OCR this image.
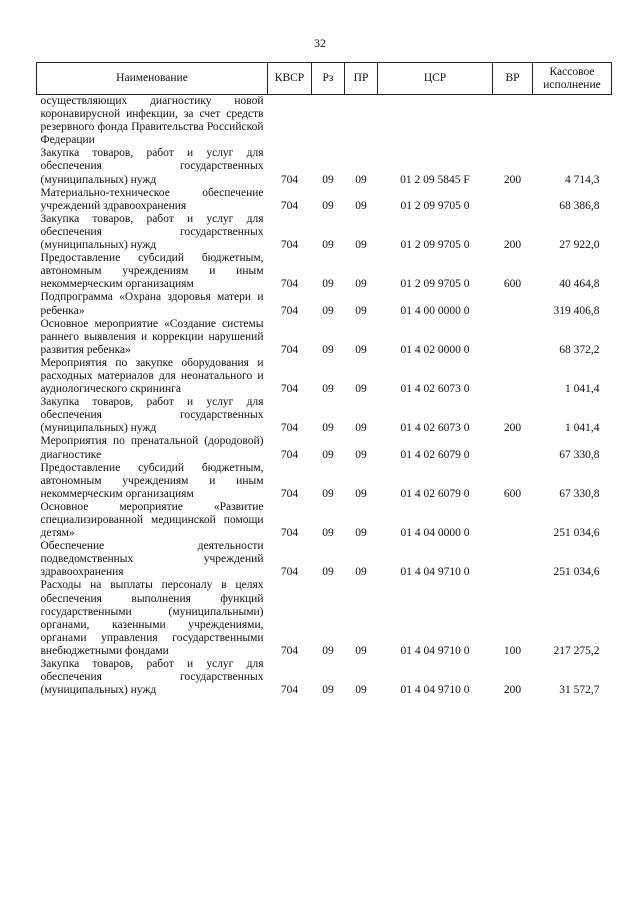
32
Наименование	КВСР	Рз	ПР	ЦСР	ВР	Кассовое исполнение
осуществляющих диагностику новой коронавирусной инфекции, за счет средств резервного фонда Правительства Российской Федерации						
Закупка товаров, работ и услуг для обеспечения государственных (муниципальных) нужд	704	09	09	01 2 09 5845 F	200	4 714,3
Материально-техническое обеспечение учреждений здравоохранения	704	09	09	01 2 09 9705 0		68 386,8
Закупка товаров, работ и услуг для обеспечения государственных (муниципальных) нужд	704	09	09	01 2 09 9705 0	200	27 922,0
Предоставление субсидий бюджетным, автономным учреждениям и иным некоммерческим организациям	704	09	09	01 2 09 9705 0	600	40 464,8
Подпрограмма «Охрана здоровья матери и ребенка»	704	09	09	01 4 00 0000 0		319 406,8
Основное мероприятие «Создание системы раннего выявления и коррекции нарушений развития ребенка»	704	09	09	01 4 02 0000 0		68 372,2
Мероприятия по закупке оборудования и расходных материалов для неонатального и аудиологического скрининга	704	09	09	01 4 02 6073 0		1 041,4
Закупка товаров, работ и услуг для обеспечения государственных (муниципальных) нужд	704	09	09	01 4 02 6073 0	200	1 041,4
Мероприятия по пренатальной (дородовой) диагностике	704	09	09	01 4 02 6079 0		67 330,8
Предоставление субсидий бюджетным, автономным учреждениям и иным некоммерческим организациям	704	09	09	01 4 02 6079 0	600	67 330,8
Основное мероприятие «Развитие специализированной медицинской помощи детям»	704	09	09	01 4 04 0000 0		251 034,6
Обеспечение деятельности подведомственных учреждений здравоохранения	704	09	09	01 4 04 9710 0		251 034,6
Расходы на выплаты персоналу в целях обеспечения выполнения функций государственными (муниципальными) органами, казенными учреждениями, органами управления государственными внебюджетными фондами	704	09	09	01 4 04 9710 0	100	217 275,2
Закупка товаров, работ и услуг для обеспечения государственных (муниципальных) нужд	704	09	09	01 4 04 9710 0	200	31 572,7
